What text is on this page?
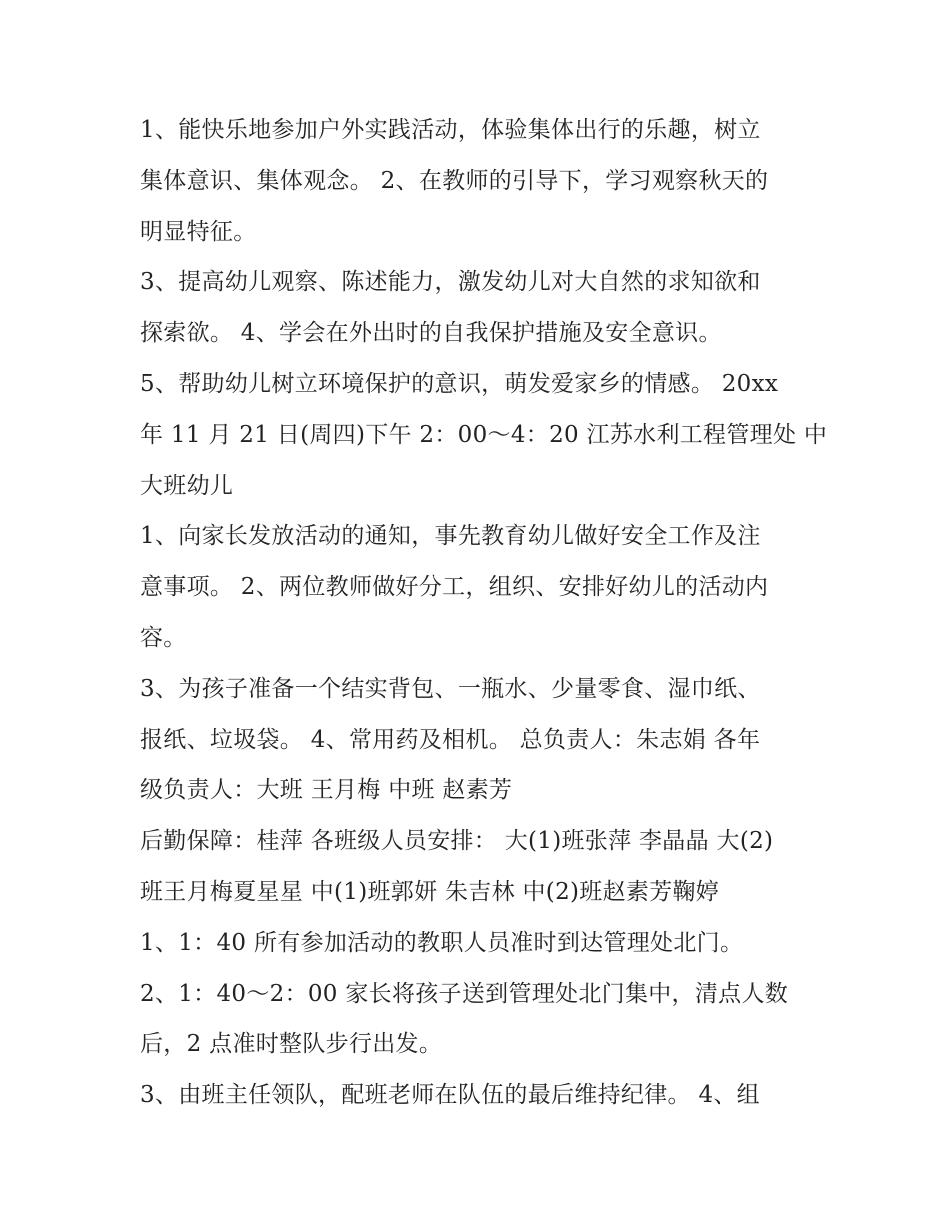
1、能快乐地参加户外实践活动，体验集体出行的乐趣，树立
集体意识、集体观念。 2、在教师的引导下，学习观察秋天的
明显特征。
3、提高幼儿观察、陈述能力，激发幼儿对大自然的求知欲和
探索欲。 4、学会在外出时的自我保护措施及安全意识。
5、帮助幼儿树立环境保护的意识，萌发爱家乡的情感。 20xx
年 11 月 21 日(周四)下午 2：00～4：20 江苏水利工程管理处 中
大班幼儿
1、向家长发放活动的通知，事先教育幼儿做好安全工作及注
意事项。 2、两位教师做好分工，组织、安排好幼儿的活动内
容。
3、为孩子准备一个结实背包、一瓶水、少量零食、湿巾纸、
报纸、垃圾袋。 4、常用药及相机。 总负责人：朱志娟 各年
级负责人：大班 王月梅 中班 赵素芳
后勤保障：桂萍 各班级人员安排： 大(1)班张萍 李晶晶 大(2)
班王月梅夏星星 中(1)班郭妍 朱吉林 中(2)班赵素芳鞠婷
1、1：40 所有参加活动的教职人员准时到达管理处北门。
2、1：40～2：00 家长将孩子送到管理处北门集中，清点人数
后，2 点准时整队步行出发。
3、由班主任领队，配班老师在队伍的最后维持纪律。 4、组
